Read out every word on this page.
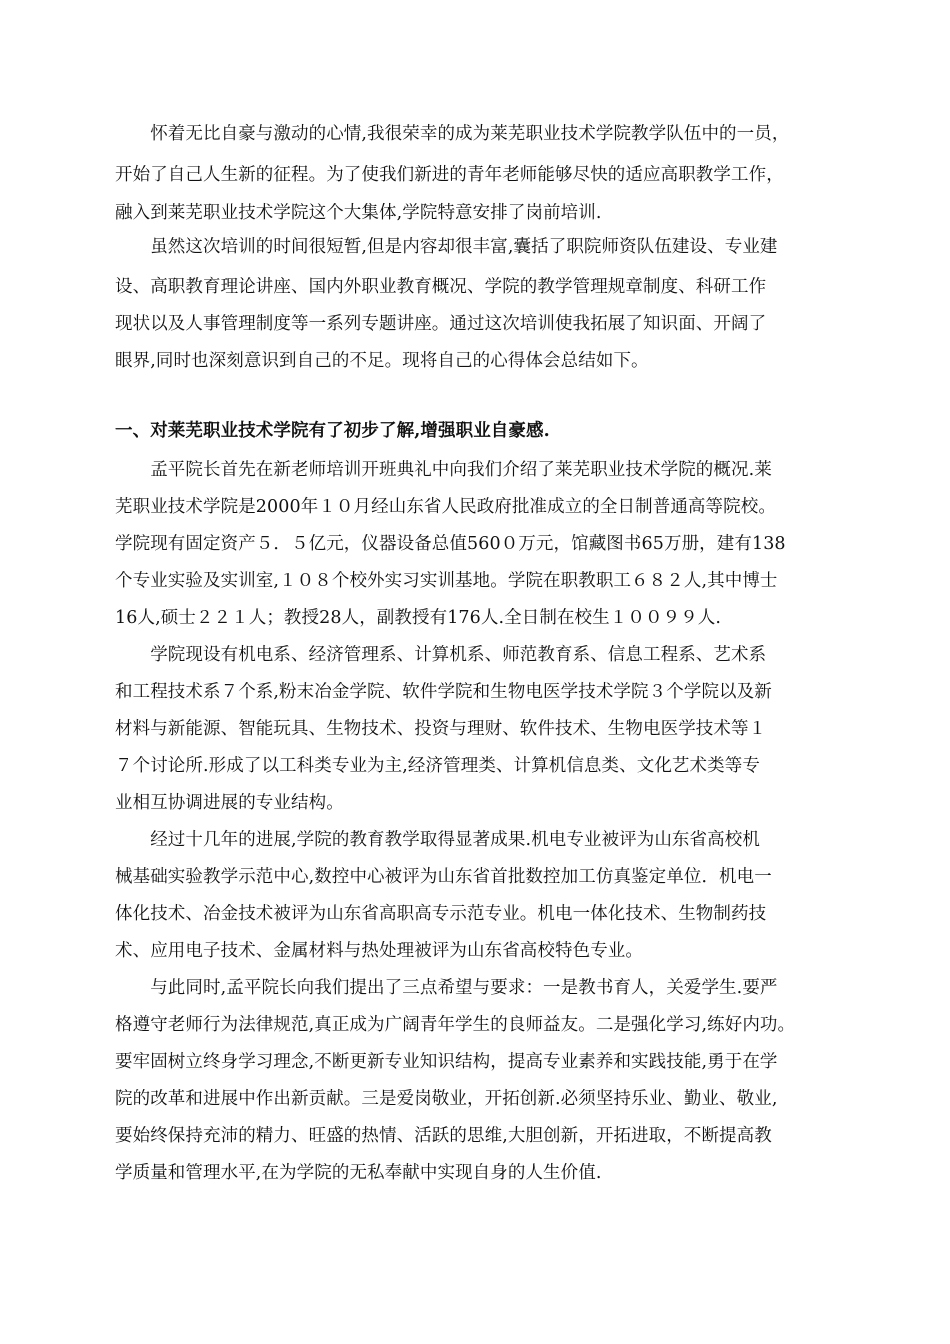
　　怀着无比自豪与激动的心情,我很荣幸的成为莱芜职业技术学院教学队伍中的一员，
开始了自己人生新的征程。为了使我们新进的青年老师能够尽快的适应高职教学工作，
融入到莱芜职业技术学院这个大集体,学院特意安排了岗前培训.
　　虽然这次培训的时间很短暂,但是内容却很丰富,囊括了职院师资队伍建设、专业建
设、高职教育理论讲座、国内外职业教育概况、学院的教学管理规章制度、科研工作
现状以及人事管理制度等一系列专题讲座。通过这次培训使我拓展了知识面、开阔了
眼界,同时也深刻意识到自己的不足。现将自己的心得体会总结如下。
一、对莱芜职业技术学院有了初步了解,增强职业自豪感.
　　孟平院长首先在新老师培训开班典礼中向我们介绍了莱芜职业技术学院的概况.莱
芜职业技术学院是2000年１０月经山东省人民政府批准成立的全日制普通高等院校。
学院现有固定资产５．５亿元，仪器设备总值560０万元，馆藏图书65万册，建有138
个专业实验及实训室,１０８个校外实习实训基地。学院在职教职工６８２人,其中博士
16人,硕士２２１人；教授28人，副教授有176人.全日制在校生１００９９人.
　　学院现设有机电系、经济管理系、计算机系、师范教育系、信息工程系、艺术系
和工程技术系７个系,粉末冶金学院、软件学院和生物电医学技术学院３个学院以及新
材料与新能源、智能玩具、生物技术、投资与理财、软件技术、生物电医学技术等１
７个讨论所.形成了以工科类专业为主,经济管理类、计算机信息类、文化艺术类等专
业相互协调进展的专业结构。
　　经过十几年的进展,学院的教育教学取得显著成果.机电专业被评为山东省高校机
械基础实验教学示范中心,数控中心被评为山东省首批数控加工仿真鉴定单位．机电一
体化技术、冶金技术被评为山东省高职高专示范专业。机电一体化技术、生物制药技
术、应用电子技术、金属材料与热处理被评为山东省高校特色专业。
　　与此同时,孟平院长向我们提出了三点希望与要求：一是教书育人，关爱学生.要严
格遵守老师行为法律规范,真正成为广阔青年学生的良师益友。二是强化学习,练好内功。
要牢固树立终身学习理念,不断更新专业知识结构，提高专业素养和实践技能,勇于在学
院的改革和进展中作出新贡献。三是爱岗敬业，开拓创新.必须坚持乐业、勤业、敬业,
要始终保持充沛的精力、旺盛的热情、活跃的思维,大胆创新，开拓进取，不断提高教
学质量和管理水平,在为学院的无私奉献中实现自身的人生价值.
